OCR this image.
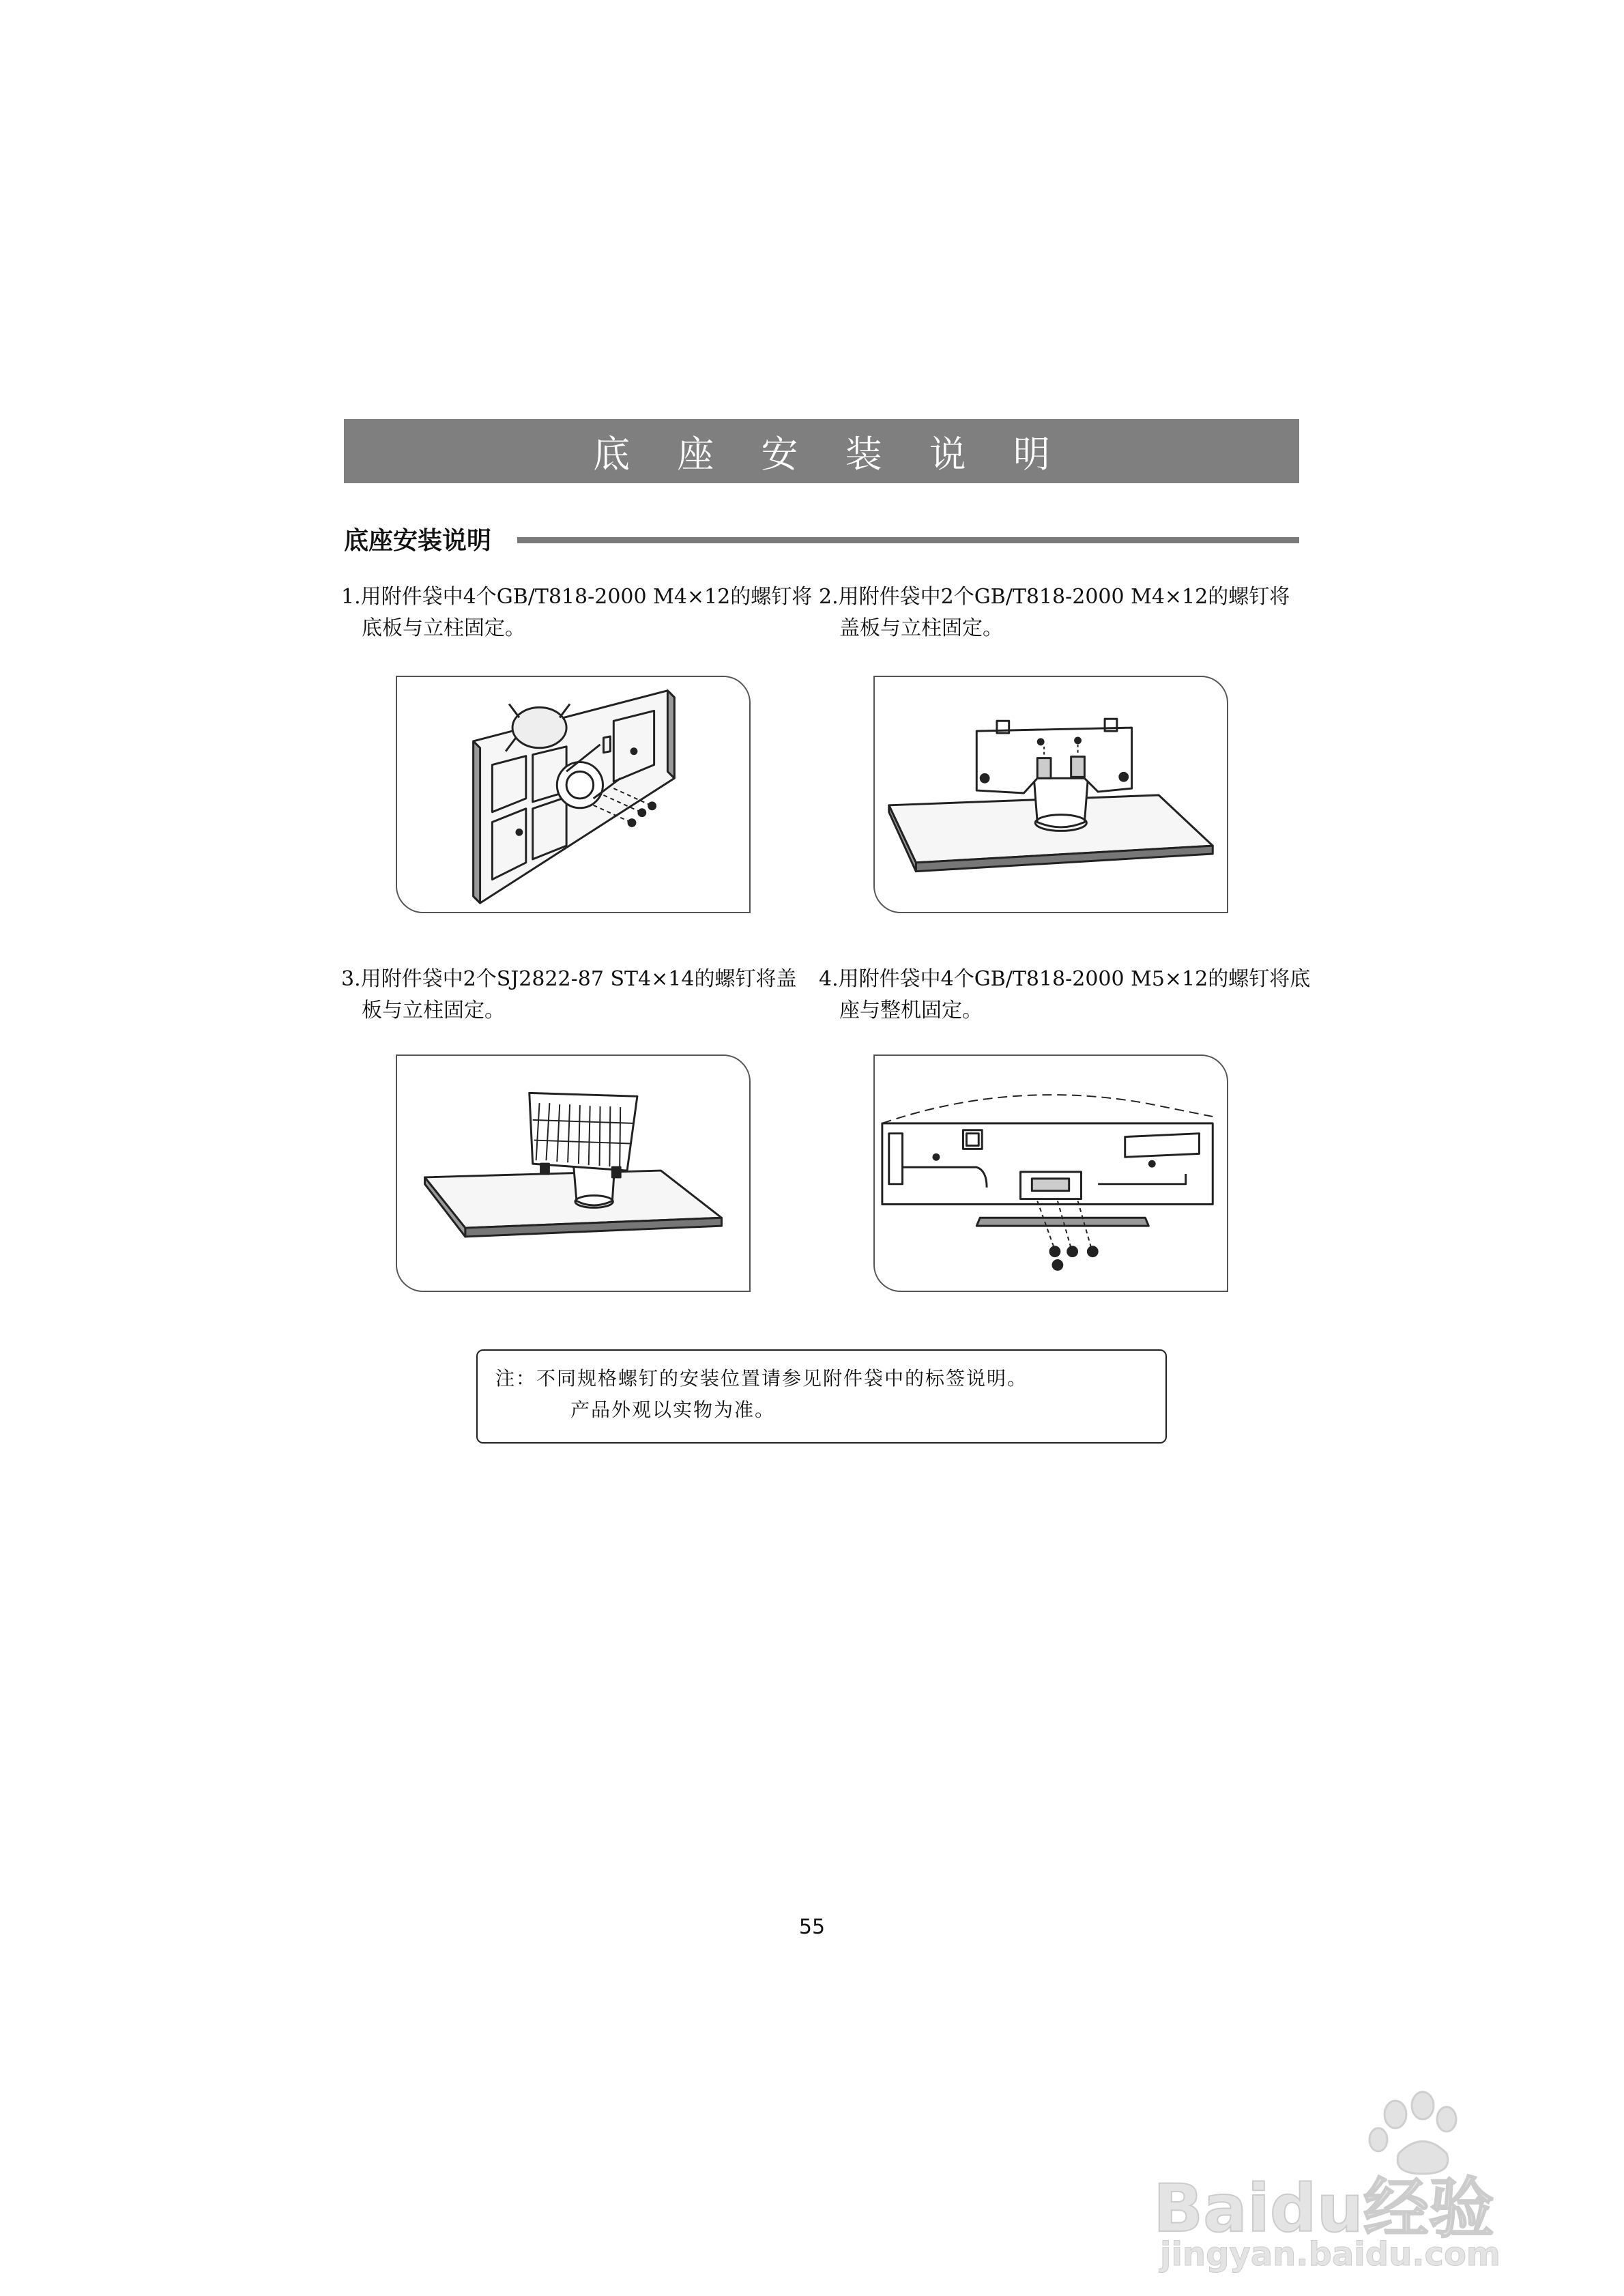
底 座 安 装 说 明
底座安装说明
1.用附件袋中4个GB/T818-2000 M4×12的螺钉将
底板与立柱固定。
2.用附件袋中2个GB/T818-2000 M4×12的螺钉将
盖板与立柱固定。
3.用附件袋中2个SJ2822-87 ST4×14的螺钉将盖
板与立柱固定。
4.用附件袋中4个GB/T818-2000 M5×12的螺钉将底
座与整机固定。
注：不同规格螺钉的安装位置请参见附件袋中的标签说明。
产品外观以实物为准。
55
Baidu经验
jingyan.baidu.com
